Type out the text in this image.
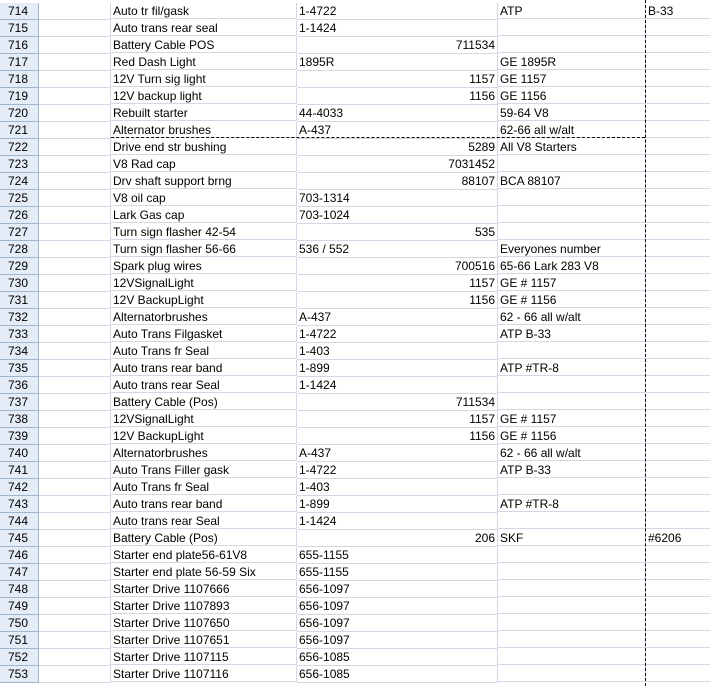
714	Auto tr fil/gask	1-4722	ATP	B-33
715	Auto trans rear seal	1-1424
716	Battery Cable POS	711534
717	Red Dash Light	1895R	GE 1895R
718	12V Turn sig light	1157 GE 1157
719	12V backup light	1156 GE 1156
720	Rebuilt starter	44-4033	59-64 V8
721	Alternator brushes	A-437	62-66 all w/alt
722	Drive end str bushing	5289 All V8 Starters
723	V8 Rad cap	7031452
724	Drv shaft support brng	88107 BCA 88107
725	V8 oil cap	703-1314
726	Lark Gas cap	703-1024
727	Turn sign flasher 42-54	535
728	Turn sign flasher 56-66	536 / 552	Everyones number
729	Spark plug wires	700516 65-66 Lark 283 V8
730	12VSignalLight	1157 GE # 1157
731	12V BackupLight	1156 GE # 1156
732	Alternatorbrushes	A-437	62 - 66 all w/alt
733	Auto Trans Filgasket	1-4722	ATP B-33
734	Auto Trans fr Seal	1-403
735	Auto trans rear band	1-899	ATP #TR-8
736	Auto trans rear Seal	1-1424
737	Battery Cable (Pos)	711534
738	12VSignalLight	1157 GE # 1157
739	12V BackupLight	1156 GE # 1156
740	Alternatorbrushes	A-437	62 - 66 all w/alt
741	Auto Trans Filler gask	1-4722	ATP B-33
742	Auto Trans fr Seal	1-403
743	Auto trans rear band	1-899	ATP #TR-8
744	Auto trans rear Seal	1-1424
745	Battery Cable (Pos)	206 SKF	#6206
746	Starter end plate56-61V8	655-1155
747	Starter end plate 56-59 Six	655-1155
748	Starter Drive 1107666	656-1097
749	Starter Drive 1107893	656-1097
750	Starter Drive 1107650	656-1097
751	Starter Drive 1107651	656-1097
752	Starter Drive 1107115	656-1085
753	Starter Drive 1107116	656-1085
